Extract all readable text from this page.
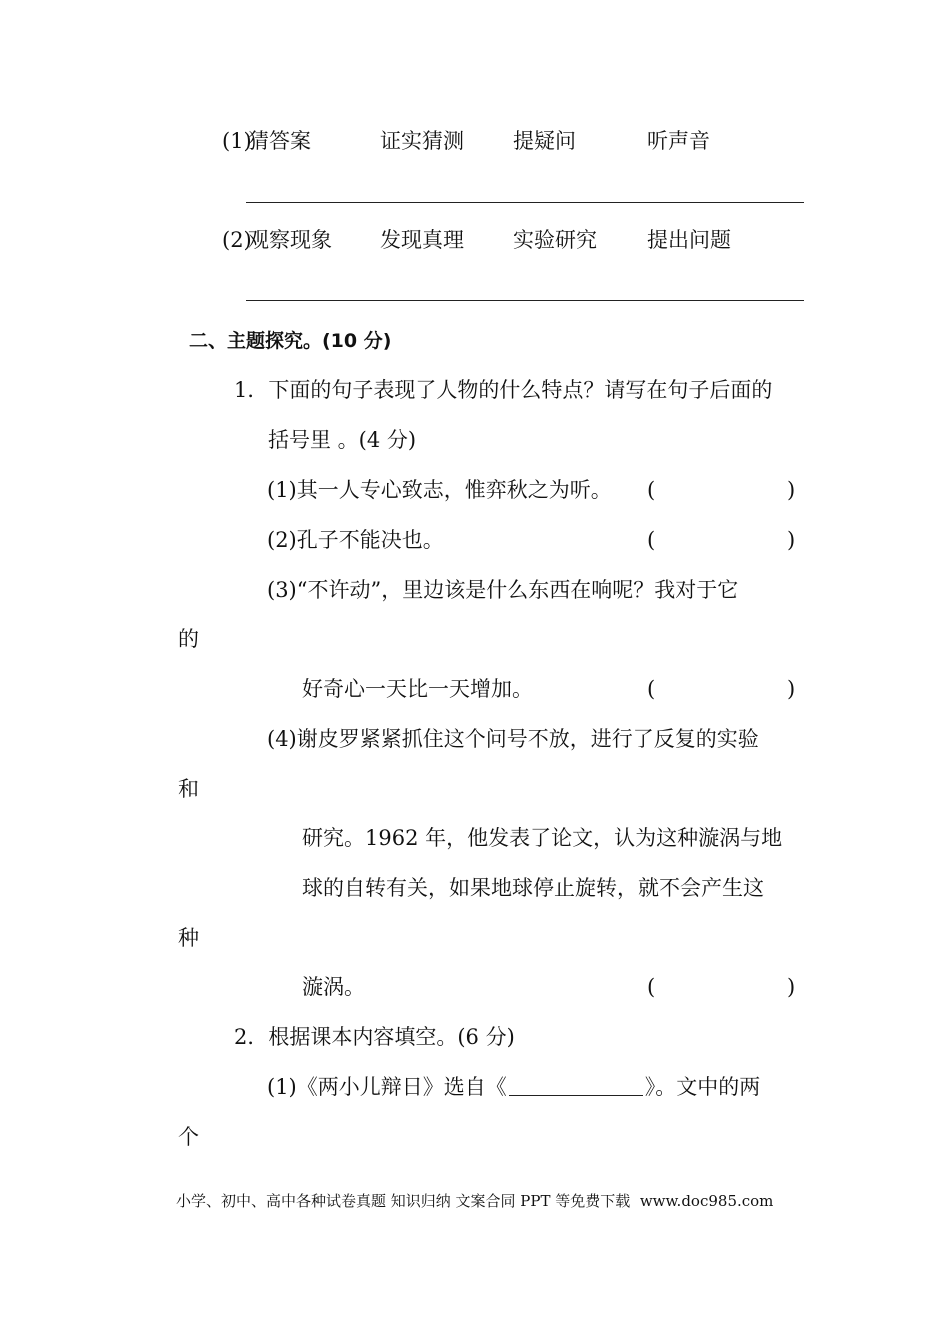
(1)
猜答案	证实猜测 提疑问	听声音
(2)
观察现象 发现真理 实验研究 提出问题
二、主题探究。(10 分)
1．下面的句子表现了人物的什么特点？请写在句子后面的
括号里 。(4 分)
(1)其一人专心致志，惟弈秋之为听。 (	)
(2)孔子不能决也。	(	)
(3)“不许动”，里边该是什么东西在响呢？我对于它
的
好奇心一天比一天增加。	(	)
(4)谢皮罗紧紧抓住这个问号不放，进行了反复的实验
和
研究。1962 年，他发表了论文，认为这种漩涡与地
球的自转有关，如果地球停止旋转，就不会产生这
种
漩涡。	(	)
2．根据课本内容填空。(6 分)
(1)《两小儿辩日》选自《	》。文中的两
个
小学、初中、高中各种试卷真题 知识归纳 文案合同 PPT 等免费下载 www.doc985.com
